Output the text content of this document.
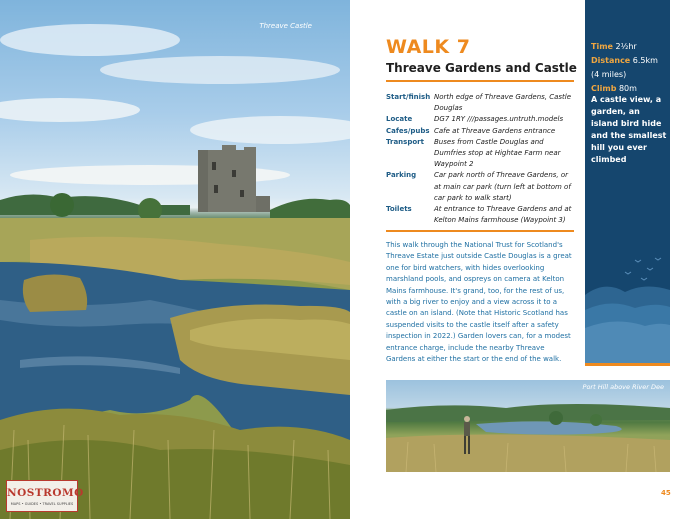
Threave Castle
NOSTROMO
MAPS • GUIDES • TRAVEL SUPPLIES
WALK 7
Threave Gardens and Castle
Start/finish North edge of Threave Gardens, Castle Douglas
Locate	DG7 1RY ///passages.untruth.models
Cafes/pubs Cafe at Threave Gardens entrance
Transport	Buses from Castle Douglas and Dumfries stop at Hightae Farm near Waypoint 2
Parking	Car park north of Threave Gardens, or at main car park (turn left at bottom of car park to walk start)
Toilets	At entrance to Threave Gardens and at Kelton Mains farmhouse (Waypoint 3)
This walk through the National Trust for Scotland's Threave Estate just outside Castle Douglas is a great one for bird watchers, with hides overlooking marshland pools, and ospreys on camera at Kelton Mains farmhouse. It's grand, too, for the rest of us, with a big river to enjoy and a view across it to a castle on an island. (Note that Historic Scotland has suspended visits to the castle itself after a safety inspection in 2022.) Garden lovers can, for a modest entrance charge, include the nearby Threave Gardens at either the start or the end of the walk.
Time 2½hr
Distance 6.5km
(4 miles)
Climb 80m
A castle view, a garden, an island bird hide and the smallest hill you ever climbed
Port Hill above River Dee
45
